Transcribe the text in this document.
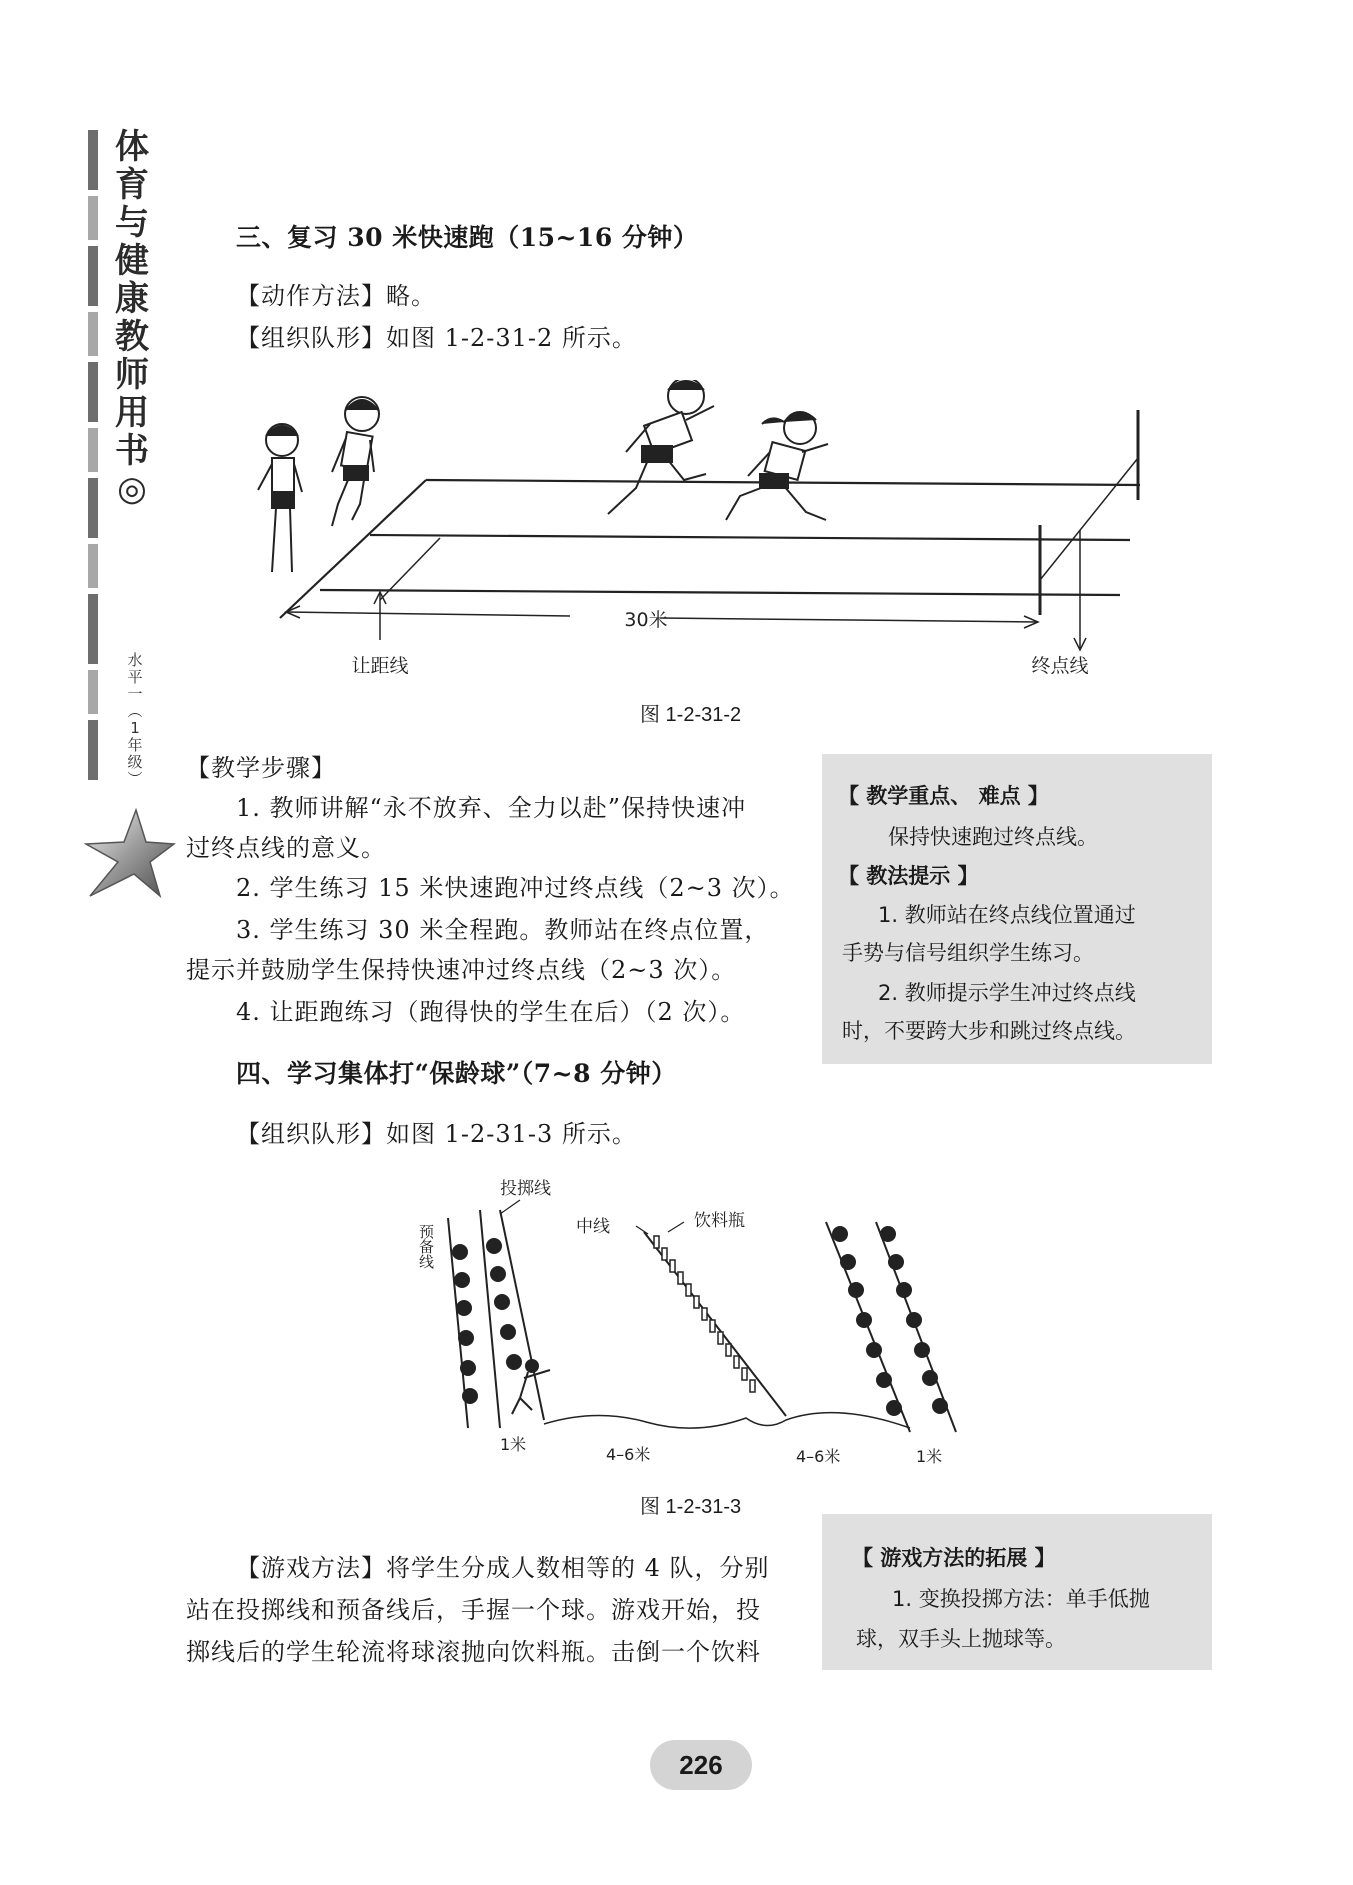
体
育
与
健
康
教
师
用
书
◎
水
平
一
︵
1
年
级
︶
三、复习 30 米快速跑（15~16 分钟）
【动作方法】略。
【组织队形】如图 1-2-31-2 所示。
30米
让距线	终点线
图 1-2-31-2
【教学步骤】
1. 教师讲解“永不放弃、全力以赴”保持快速冲
过终点线的意义。
2. 学生练习 15 米快速跑冲过终点线（2~3 次）。
3. 学生练习 30 米全程跑。教师站在终点位置，
提示并鼓励学生保持快速冲过终点线（2~3 次）。
4. 让距跑练习（跑得快的学生在后）（2 次）。
【 教学重点、 难点 】
保持快速跑过终点线。
【 教法提示 】
1. 教师站在终点线位置通过
手势与信号组织学生练习。
2. 教师提示学生冲过终点线
时，不要跨大步和跳过终点线。
四、学习集体打“保龄球”（7~8 分钟）
【组织队形】如图 1-2-31-3 所示。
投掷线
预备线	中线	饮料瓶
1米
4–6米	4–6米	1米
图 1-2-31-3
【游戏方法】将学生分成人数相等的 4 队，分别
站在投掷线和预备线后，手握一个球。游戏开始，投
掷线后的学生轮流将球滚抛向饮料瓶。击倒一个饮料
【 游戏方法的拓展 】
1. 变换投掷方法：单手低抛
球，双手头上抛球等。
226
